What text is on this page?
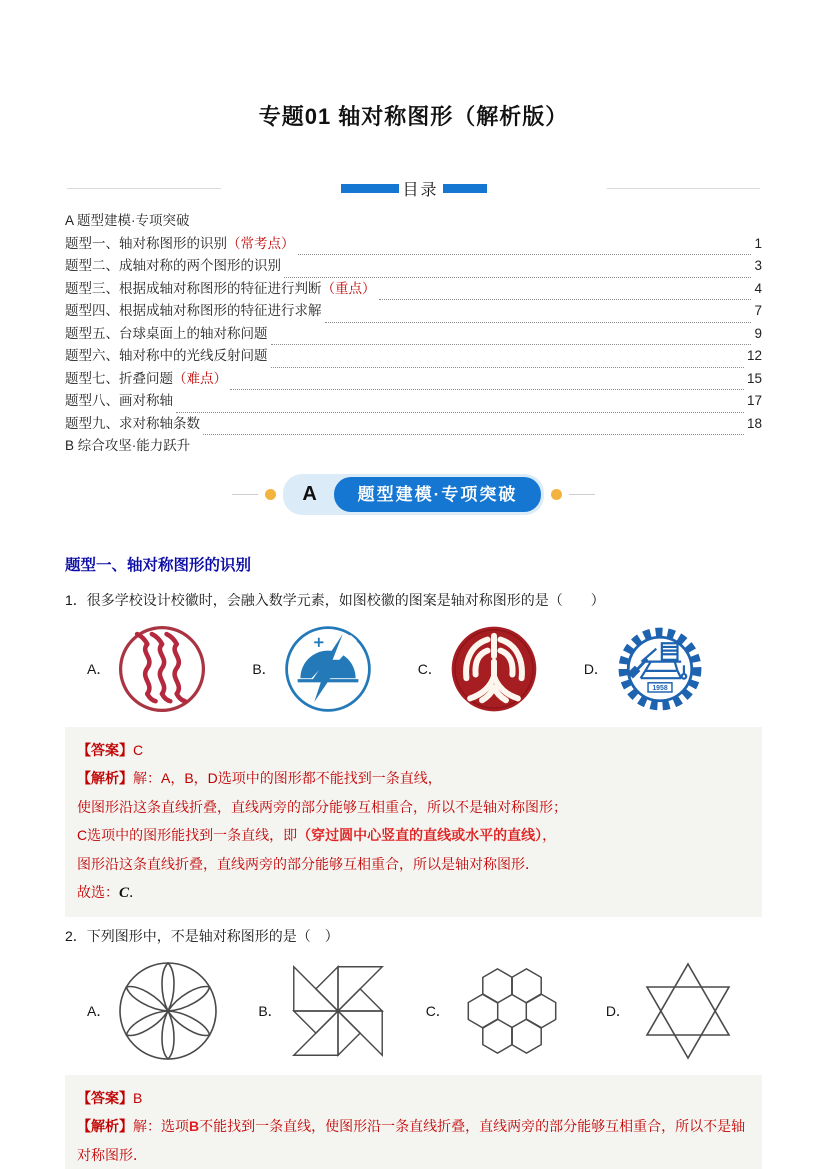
专题01 轴对称图形（解析版）
目录
A 题型建模·专项突破
题型一、轴对称图形的识别 （常考点）	1
题型二、成轴对称的两个图形的识别	3
题型三、根据成轴对称图形的特征进行判断 （重点）	4
题型四、根据成轴对称图形的特征进行求解	7
题型五、台球桌面上的轴对称问题	9
题型六、轴对称中的光线反射问题	12
题型七、折叠问题 （难点）	15
题型八、画对称轴	17
题型九、求对称轴条数	18
B 综合攻坚·能力跃升
A	题型建模·专项突破
题型一、轴对称图形的识别
1．很多学校设计校徽时，会融入数学元素，如图校徽的图案是轴对称图形的是（　　）
A．	B．	C．	D．
1958
【答案】C
【解析】解：A，B，D选项中的图形都不能找到一条直线，
使图形沿这条直线折叠，直线两旁的部分能够互相重合，所以不是轴对称图形；
C选项中的图形能找到一条直线，即（穿过圆中心竖直的直线或水平的直线），
图形沿这条直线折叠，直线两旁的部分能够互相重合，所以是轴对称图形．
故选：C．
2．下列图形中，不是轴对称图形的是（　）
A．	B．	C．	D．
【答案】B
【解析】解：选项B不能找到一条直线，使图形沿一条直线折叠，直线两旁的部分能够互相重合，所以不是轴对称图形．
